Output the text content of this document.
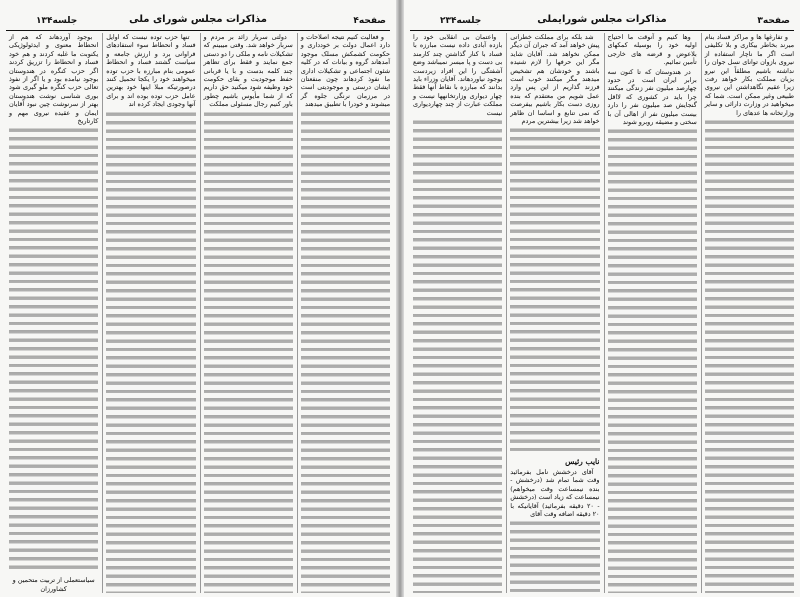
صفحه۴
مذاکرات مجلس شورای ملی
جلسه۱۳۴

و فعالیت کنیم نتیجه اصلاحات و دارد اعمال دولت بر خودداری و حکومت کشمکش مسلک موجود آمدهاند گروه و بیانات که در کلیه شئون اجتماعی و تشکیلات اداری ما نفوذ کردهاند چون منفعتان ایشان درستی و موجودیتی است در مرزمان نرنگی جلوه گر میشوند و خودرا با تطبیق میدهند

دولتی سربار زائد بر مردم و سربار خواهد شد. وقتی میبینم که تشکیلات نامه و ملکی را دو دستی جمع نمایند و فقط برای تظاهر چند کلمه بدست و با یا قربانی حفظ موجودیت و بقای حکومت خود وظیفه شود میکنید حق داریم که از شما مأیوس باشیم چطور باور کنیم رجال مسئولی مملکت

تنها حزب توده نیست که اوایل فساد و انحطاط سوء استفادهای فراوانی برد و ارزش جامعه و سیاست گشتند فساد و انحطاط عمومی بنام مبارزه با حزب توده میخواهند خود را یکجا تحمیل کنند درصورتیکه مبلا اینها خود بهترین عامل حزب توده بوده اند و برای آنها وجودی ایجاد کرده اند

بوجود آوردهاند که هم از انحطاط معنوی و ایدئولوژیکی یکنوبت ما غلبه کردند و هم خود فساد و انحطاط را تزریق کردند اگر حزب کنگره در هندوستان بوجود نیامده بود و یا اگر از نفوذ تعالی حزب کنگره ملو گیری شود بوری شناسی نوشت هندوستان بهتر از سرنوشت چین نبود آقایان ایمان و عقیده نیروی مهم و کارتاریخ

سیاستعملی از تربیت متحمین و کشاورزان

صفحه۳
مذاکرات مجلس شورایملی
جلسه۲۳۴

و تفارغها ها و مراکز فساد بنام میرند بخاطر بیکاری و بلا تکلیفی است اگر ما ناچار استفاده از نیروی بازوان توانای نسل جوان را نداشته باشیم مطلقاً این نیرو بزیان مملکت بکار خواهد رفت زیرا عقیم نگاهداشتن این نیروی طبیعی وغیر ممکن است. شما که میخواهید در وزارت دارائی و سایر وزارتخانه ها عدهای را

وها کنیم و آنوقت ما احتیاج اولیه خود را بوسیله کمکهای بلاعوض و قرضه های خارجی تأمین نمائیم.

در هندوستان که تا کنون سه برابر ایران است در حدود چهارصد میلیون نفر زندگی میکنند چرا باید در کشوری که لااقل گنجایش صد میلیون نفر را دارد بیست میلیون نفر از اهالی آن با سختی و مضیقه روبرو شوند

شد بلکه برای مملکت خطراتی پیش خواهد آمد که جبران آن دیگر ممکن نخواهد شد. آقایان شاید مگر این حرفها را لازم شنیده باشند و خودشان هم تشخیص میدهند مگر میکنند خوب است فرزند گذاریم از این پس وارد عمل شویم من معتقدم که بنده روزی دست بکار باشیم بیفرصت که نمی تنابع و اساسا ان ظاهر خواهد شد زیرا بیشترین مردم

نایب رئیس

آقای درخشش نامل بفرمائید وقت شما تمام شد (درخشش - بنده نیمساعت وقت میخواهم) نیمساعت که زیاد است (درخشش - ۲۰ دقیقه بفرمائید) آقایانیکه با ۲۰ دقیقه اضافه وقت آقای

واعتمان بی انقلابی خود را بازده آبادی داده نیست مبارزه با فساد با کنار گذاشتن چند کارمند بی دست و پا میسر نمیباشد وضع آشفتگی را این افراد زیردست بوجود نیاوردهاند. آقایان وزراء باید بدانند که مبارزه با نقاط آنها فقط چهار دیواری وزارتخانهها نیست و مملکت عبارت از چند چهاردیواری نیست
